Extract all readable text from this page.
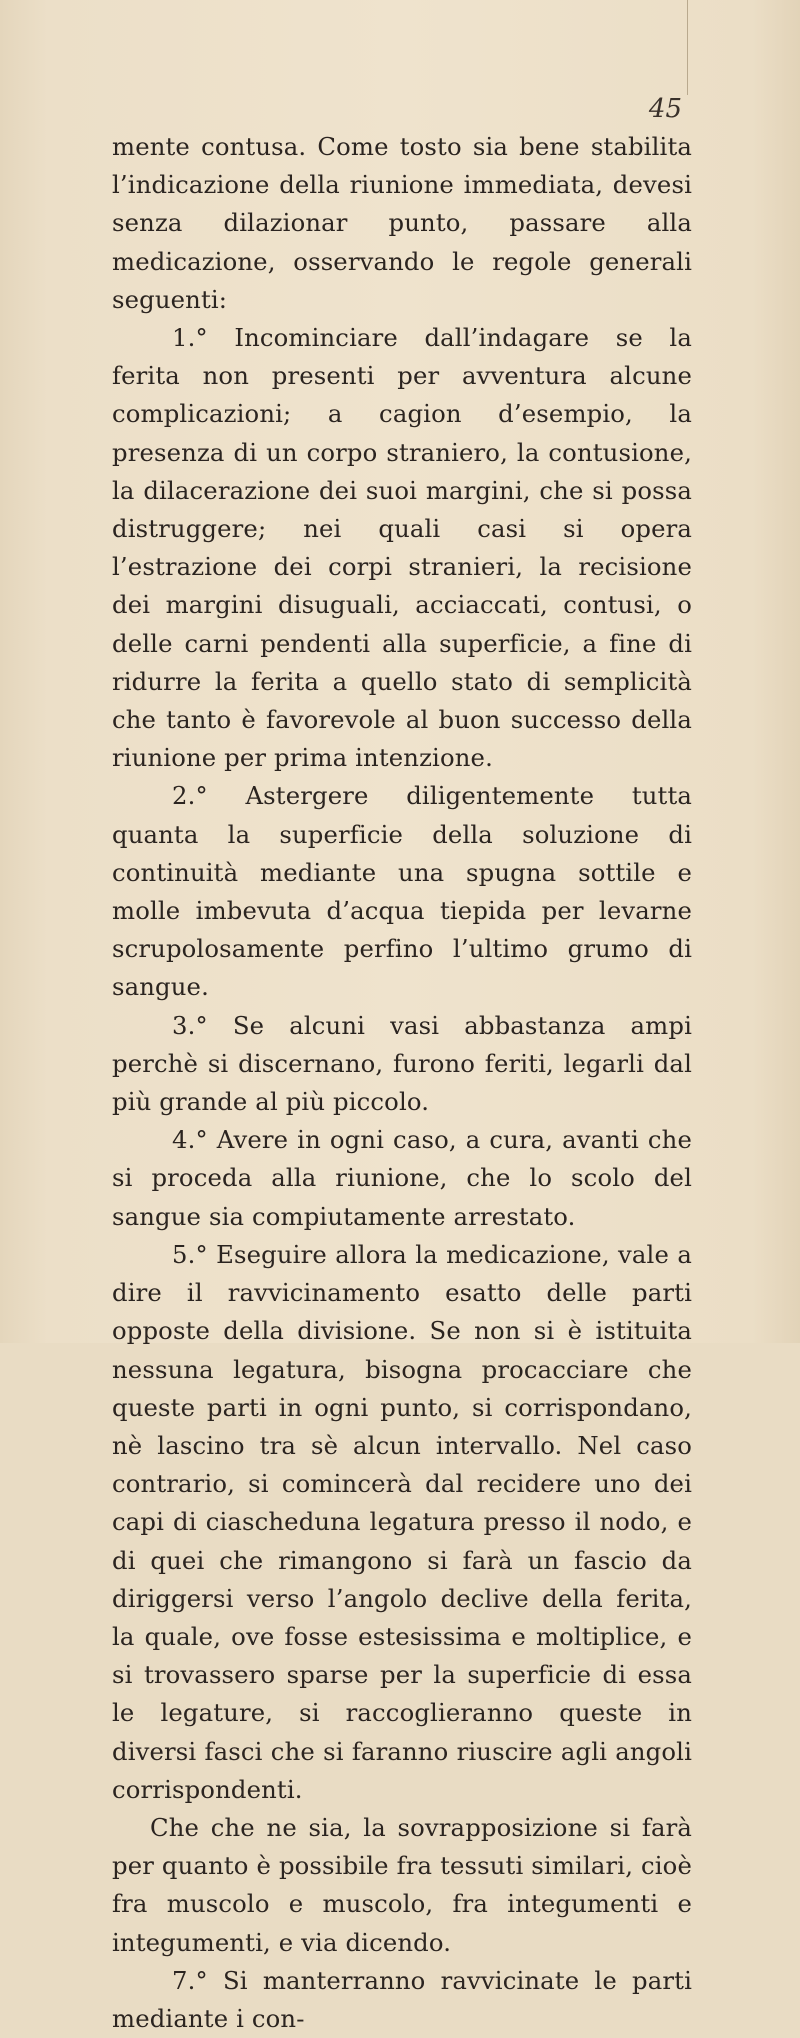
45

mente contusa. Come tosto sia bene stabilita l’indicazione della riunione immediata, devesi senza dilazionar punto, passare alla medicazione, osservando le regole generali seguenti:

1.° Incominciare dall’indagare se la ferita non presenti per avventura alcune complicazioni; a cagion d’esempio, la presenza di un corpo straniero, la contusione, la dilacerazione dei suoi margini, che si possa distruggere; nei quali casi si opera l’estrazione dei corpi stranieri, la recisione dei margini disuguali, acciaccati, contusi, o delle carni pendenti alla superficie, a fine di ridurre la ferita a quello stato di semplicità che tanto è favorevole al buon successo della riunione per prima intenzione.

2.° Astergere diligentemente tutta quanta la superficie della soluzione di continuità mediante una spugna sottile e molle imbevuta d’acqua tiepida per levarne scrupolosamente perfino l’ultimo grumo di sangue.

3.° Se alcuni vasi abbastanza ampi perchè si discernano, furono feriti, legarli dal più grande al più piccolo.

4.° Avere in ogni caso, a cura, avanti che si proceda alla riunione, che lo scolo del sangue sia compiutamente arrestato.

5.° Eseguire allora la medicazione, vale a dire il ravvicinamento esatto delle parti opposte della divisione. Se non si è istituita nessuna legatura, bisogna procacciare che queste parti in ogni punto, si corrispondano, nè lascino tra sè alcun intervallo. Nel caso contrario, si comincerà dal recidere uno dei capi di ciascheduna legatura presso il nodo, e di quei che rimangono si farà un fascio da diriggersi verso l’angolo declive della ferita, la quale, ove fosse estesissima e moltiplice, e si trovassero sparse per la superficie di essa le legature, si raccoglieranno queste in diversi fasci che si faranno riuscire agli angoli corrispondenti.

Che che ne sia, la sovrapposizione si farà per quanto è possibile fra tessuti similari, cioè fra muscolo e muscolo, fra integumenti e integumenti, e via dicendo.

7.° Si manterranno ravvicinate le parti mediante i con-
